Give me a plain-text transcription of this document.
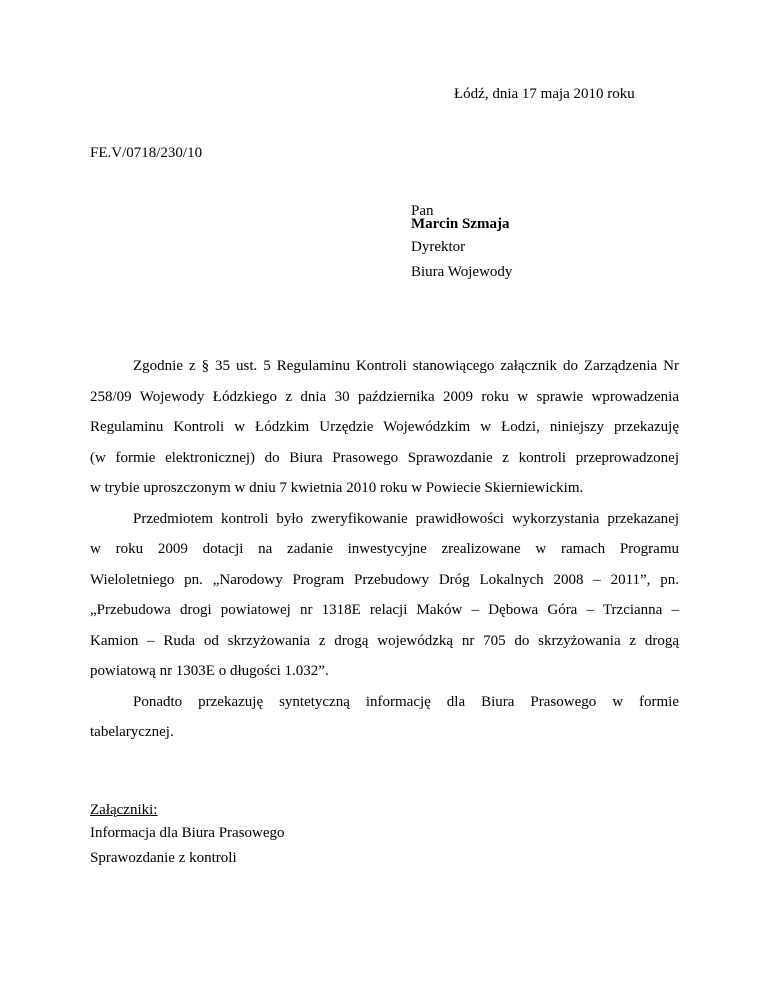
Łódź, dnia 17 maja 2010 roku
FE.V/0718/230/10
Pan
Marcin Szmaja
Dyrektor
Biura Wojewody
Zgodnie z § 35 ust. 5 Regulaminu Kontroli stanowiącego załącznik do Zarządzenia Nr
258/09 Wojewody Łódzkiego z dnia 30 października 2009 roku w sprawie wprowadzenia
Regulaminu Kontroli w Łódzkim Urzędzie Wojewódzkim w Łodzi, niniejszy przekazuję
(w formie elektronicznej) do Biura Prasowego Sprawozdanie z kontroli przeprowadzonej
w trybie uproszczonym w dniu 7 kwietnia 2010 roku w Powiecie Skierniewickim.
Przedmiotem kontroli było zweryfikowanie prawidłowości wykorzystania przekazanej
w roku 2009 dotacji na zadanie inwestycyjne zrealizowane w ramach Programu
Wieloletniego pn. „Narodowy Program Przebudowy Dróg Lokalnych 2008 – 2011”, pn.
„Przebudowa drogi powiatowej nr 1318E relacji Maków – Dębowa Góra – Trzcianna –
Kamion – Ruda od skrzyżowania z drogą wojewódzką nr 705 do skrzyżowania z drogą
powiatową nr 1303E o długości 1.032”.
Ponadto przekazuję syntetyczną informację dla Biura Prasowego w formie
tabelarycznej.
Załączniki:
Informacja dla Biura Prasowego
Sprawozdanie z kontroli
